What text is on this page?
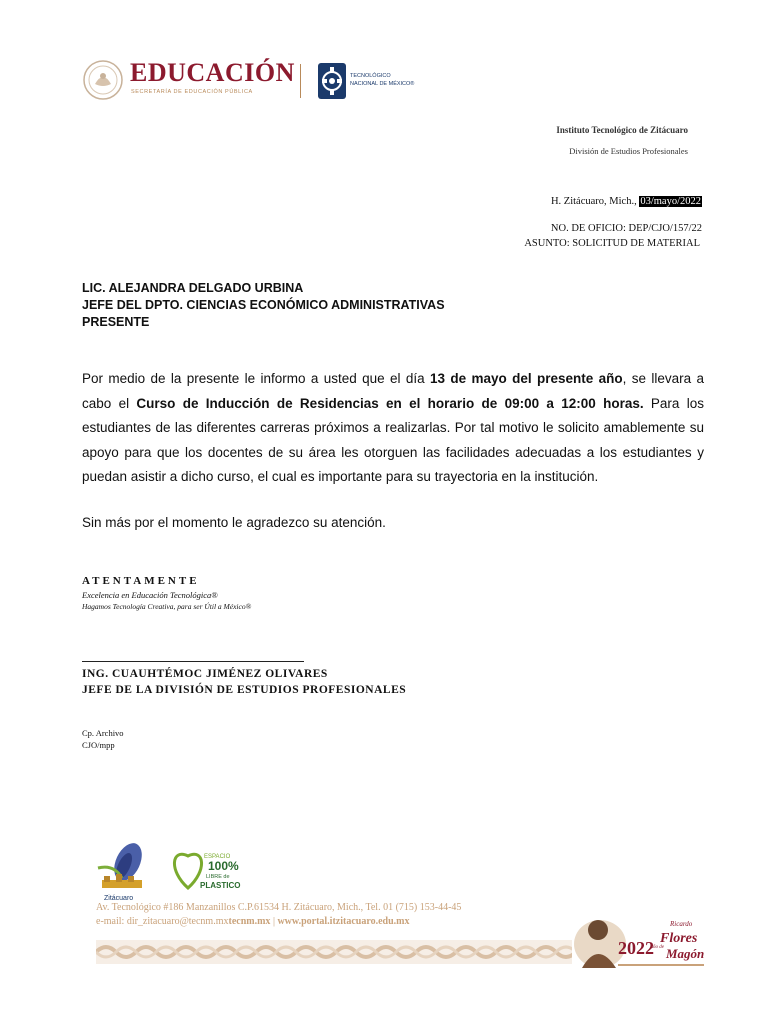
EDUCACIÓN
SECRETARÍA DE EDUCACIÓN PÚBLICA
TECNOLÓGICO
NACIONAL DE MÉXICO®
Instituto Tecnológico de Zitácuaro
División de Estudios Profesionales
H. Zitácuaro, Mich., 03/mayo/2022
NO. DE OFICIO: DEP/CJO/157/22
ASUNTO: SOLICITUD DE MATERIAL
LIC. ALEJANDRA DELGADO URBINA
JEFE DEL DPTO. CIENCIAS ECONÓMICO ADMINISTRATIVAS
PRESENTE
Por medio de la presente le informo a usted que el día 13 de mayo del presente año, se llevara a cabo el Curso de Inducción de Residencias en el horario de 09:00 a 12:00 horas. Para los estudiantes de las diferentes carreras próximos a realizarlas. Por tal motivo le solicito amablemente su apoyo para que los docentes de su área les otorguen las facilidades adecuadas a los estudiantes y puedan asistir a dicho curso, el cual es importante para su trayectoria en la institución.
Sin más por el momento le agradezco su atención.
ATENTAMENTE
Excelencia en Educación Tecnológica®
Hagamos Tecnología Creativa, para ser Útil a México®
ING. CUAUHTÉMOC JIMÉNEZ OLIVARES
JEFE DE LA DIVISIÓN DE ESTUDIOS PROFESIONALES
Cp. Archivo
CJO/mpp
Zitácuaro
ESPACIO
100%
LIBRE de
PLASTICO
Av. Tecnológico #186 Manzanillos C.P.61534 H. Zitácuaro, Mich., Tel. 01 (715) 153-44-45
e-mail: dir_zitacuaro@tecnm.mxtecnm.mx | www.portal.itzitacuaro.edu.mx
2022
Ricardo
Flores
Año de Magón
